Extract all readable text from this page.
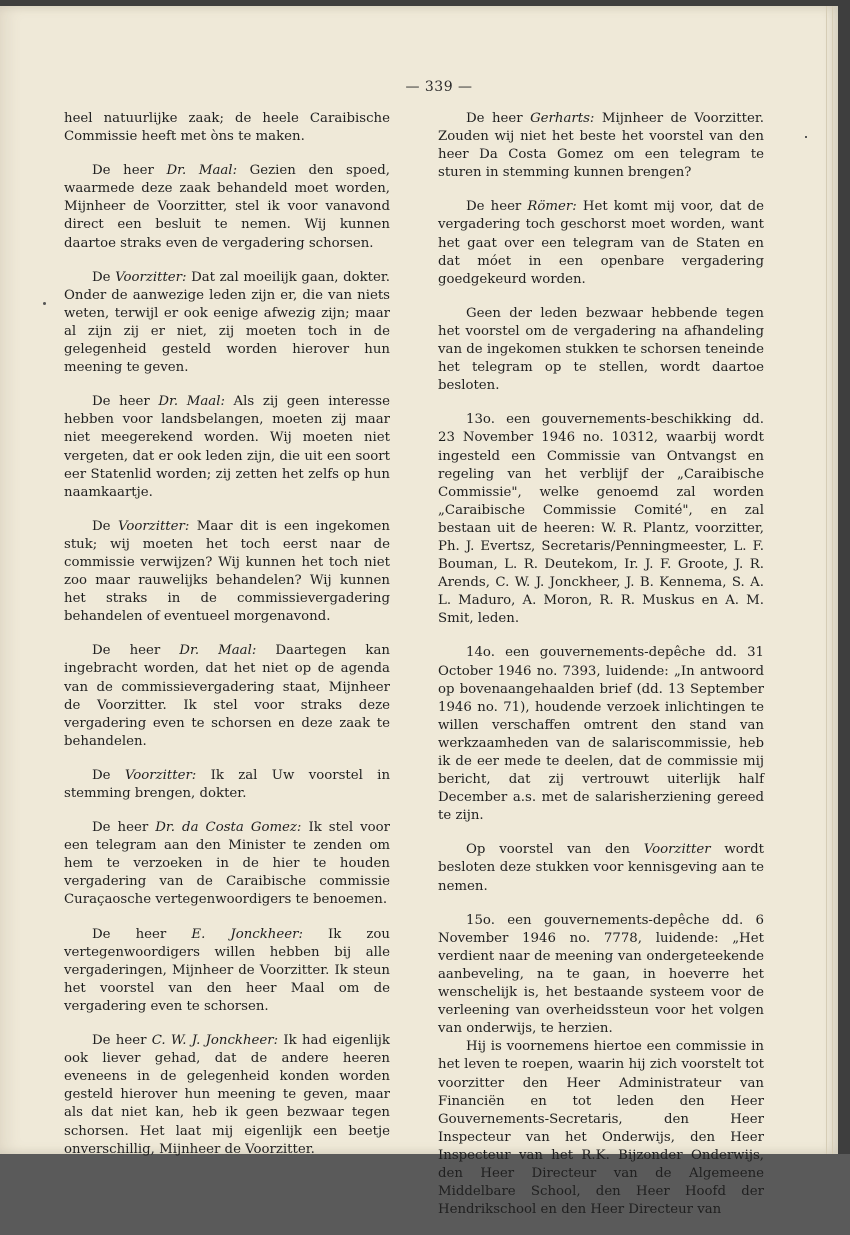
— 339 —

heel natuurlijke zaak; de heele Caraibische Commissie heeft met òns te maken.

De heer Dr. Maal: Gezien den spoed, waarmede deze zaak behandeld moet worden, Mijnheer de Voorzitter, stel ik voor vanavond direct een besluit te nemen. Wij kunnen daartoe straks even de vergadering schorsen.

De Voorzitter: Dat zal moeilijk gaan, dokter. Onder de aanwezige leden zijn er, die van niets weten, terwijl er ook eenige afwezig zijn; maar al zijn zij er niet, zij moeten toch in de gelegenheid gesteld worden hierover hun meening te geven.

De heer Dr. Maal: Als zij geen interesse hebben voor landsbelangen, moeten zij maar niet meegerekend worden. Wij moeten niet vergeten, dat er ook leden zijn, die uit een soort eer Statenlid worden; zij zetten het zelfs op hun naamkaartje.

De Voorzitter: Maar dit is een ingekomen stuk; wij moeten het toch eerst naar de commissie verwijzen? Wij kunnen het toch niet zoo maar rauwelijks behandelen? Wij kunnen het straks in de commissievergadering behandelen of eventueel morgenavond.

De heer Dr. Maal: Daartegen kan ingebracht worden, dat het niet op de agenda van de commissievergadering staat, Mijnheer de Voorzitter. Ik stel voor straks deze vergadering even te schorsen en deze zaak te behandelen.

De Voorzitter: Ik zal Uw voorstel in stemming brengen, dokter.

De heer Dr. da Costa Gomez: Ik stel voor een telegram aan den Minister te zenden om hem te verzoeken in de hier te houden vergadering van de Caraibische commissie Curaçaosche vertegenwoordigers te benoemen.

De heer E. Jonckheer: Ik zou vertegenwoordigers willen hebben bij alle vergaderingen, Mijnheer de Voorzitter. Ik steun het voorstel van den heer Maal om de vergadering even te schorsen.

De heer C. W. J. Jonckheer: Ik had eigenlijk ook liever gehad, dat de andere heeren eveneens in de gelegenheid konden worden gesteld hierover hun meening te geven, maar als dat niet kan, heb ik geen bezwaar tegen schorsen. Het laat mij eigenlijk een beetje onverschillig, Mijnheer de Voorzitter.

De heer Gerharts: Mijnheer de Voorzitter. Zouden wij niet het beste het voorstel van den heer Da Costa Gomez om een telegram te sturen in stemming kunnen brengen?

De heer Römer: Het komt mij voor, dat de vergadering toch geschorst moet worden, want het gaat over een telegram van de Staten en dat móet in een openbare vergadering goedgekeurd worden.

Geen der leden bezwaar hebbende tegen het voorstel om de vergadering na afhandeling van de ingekomen stukken te schorsen teneinde het telegram op te stellen, wordt daartoe besloten.

13o. een gouvernements-beschikking dd. 23 November 1946 no. 10312, waarbij wordt ingesteld een Commissie van Ontvangst en regeling van het verblijf der „Caraibische Commissie", welke genoemd zal worden „Caraibische Commissie Comité", en zal bestaan uit de heeren: W. R. Plantz, voorzitter, Ph. J. Evertsz, Secretaris/Penningmeester, L. F. Bouman, L. R. Deutekom, Ir. J. F. Groote, J. R. Arends, C. W. J. Jonckheer, J. B. Kennema, S. A. L. Maduro, A. Moron, R. R. Muskus en A. M. Smit, leden.

14o. een gouvernements-depêche dd. 31 October 1946 no. 7393, luidende: „In antwoord op bovenaangehaalden brief (dd. 13 September 1946 no. 71), houdende verzoek inlichtingen te willen verschaffen omtrent den stand van werkzaamheden van de salariscommissie, heb ik de eer mede te deelen, dat de commissie mij bericht, dat zij vertrouwt uiterlijk half December a.s. met de salarisherziening gereed te zijn.

Op voorstel van den Voorzitter wordt besloten deze stukken voor kennisgeving aan te nemen.

15o. een gouvernements-depêche dd. 6 November 1946 no. 7778, luidende: „Het verdient naar de meening van ondergeteekende aanbeveling, na te gaan, in hoeverre het wenschelijk is, het bestaande systeem voor de verleening van overheidssteun voor het volgen van onderwijs, te herzien.

Hij is voornemens hiertoe een commissie in het leven te roepen, waarin hij zich voorstelt tot voorzitter den Heer Administrateur van Financiën en tot leden den Heer Gouvernements-Secretaris, den Heer Inspecteur van het Onderwijs, den Heer Inspecteur van het R.K. Bijzonder Onderwijs, den Heer Directeur van de Algemeene Middelbare School, den Heer Hoofd der Hendrikschool en den Heer Directeur van
